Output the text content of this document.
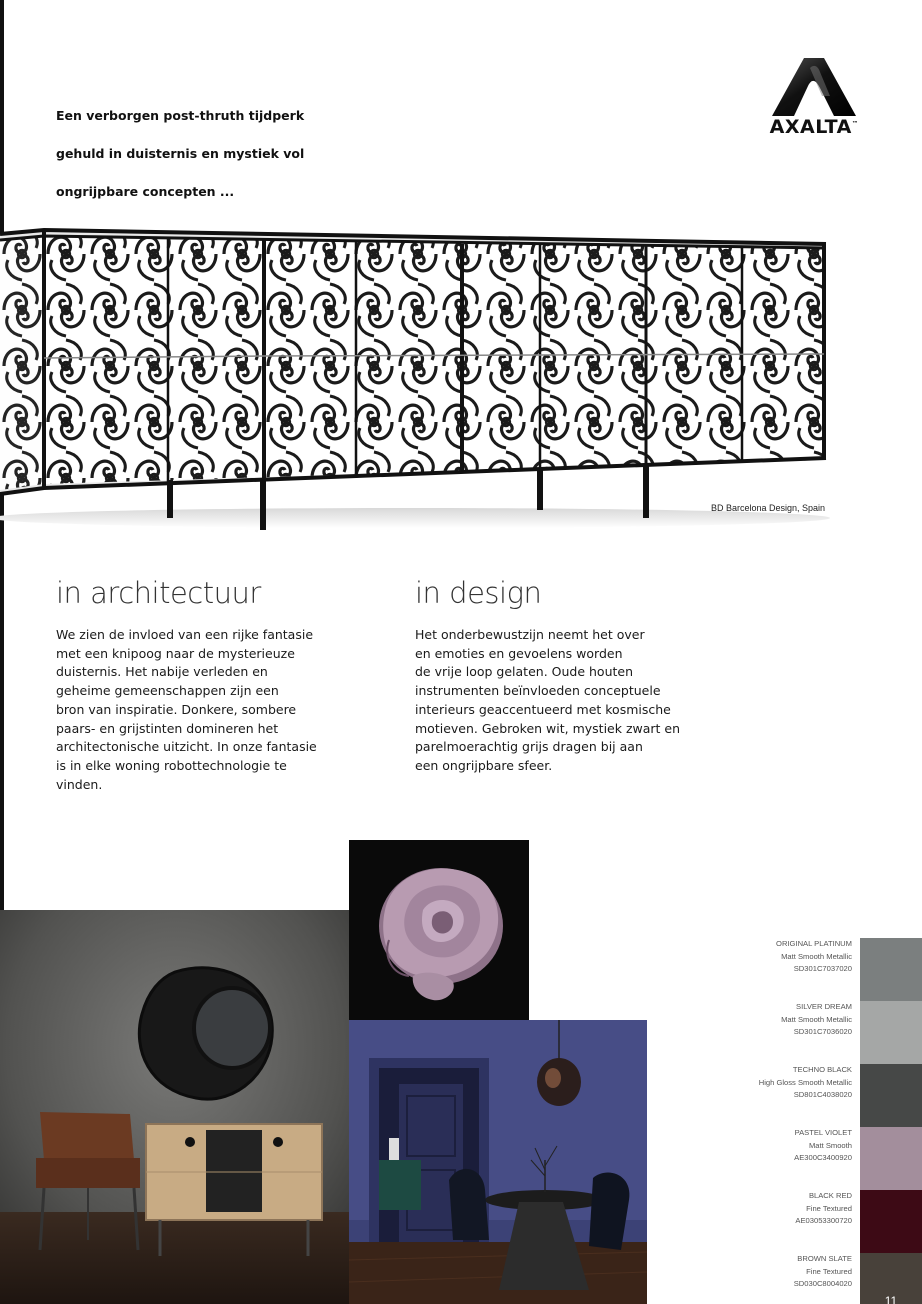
Een verborgen post-thruth tijdperk

gehuld in duisternis en mystiek vol

ongrijpbare concepten ...

AXALTA™
BD Barcelona Design, Spain
in architectuur

We zien de invloed van een rijke fantasie
met een knipoog naar de mysterieuze
duisternis. Het nabije verleden en
geheime gemeenschappen zijn een
bron van inspiratie. Donkere, sombere
paars- en grijstinten domineren het
architectonische uitzicht. In onze fantasie
is in elke woning robottechnologie te
vinden.

in design

Het onderbewustzijn neemt het over
en emoties en gevoelens worden
de vrije loop gelaten. Oude houten
instrumenten beïnvloeden conceptuele
interieurs geaccentueerd met kosmische
motieven. Gebroken wit, mystiek zwart en
parelmoerachtig grijs dragen bij aan
een ongrijpbare sfeer.

ORIGINAL PLATINUM
Matt Smooth Metallic
SD301C7037020
SILVER DREAM
Matt Smooth Metallic
SD301C7036020
TECHNO BLACK
High Gloss Smooth Metallic
SD801C4038020
PASTEL VIOLET
Matt Smooth
AE300C3400920
BLACK RED
Fine Textured
AE03053300720
BROWN SLATE
Fine Textured
SD030C8004020
11
